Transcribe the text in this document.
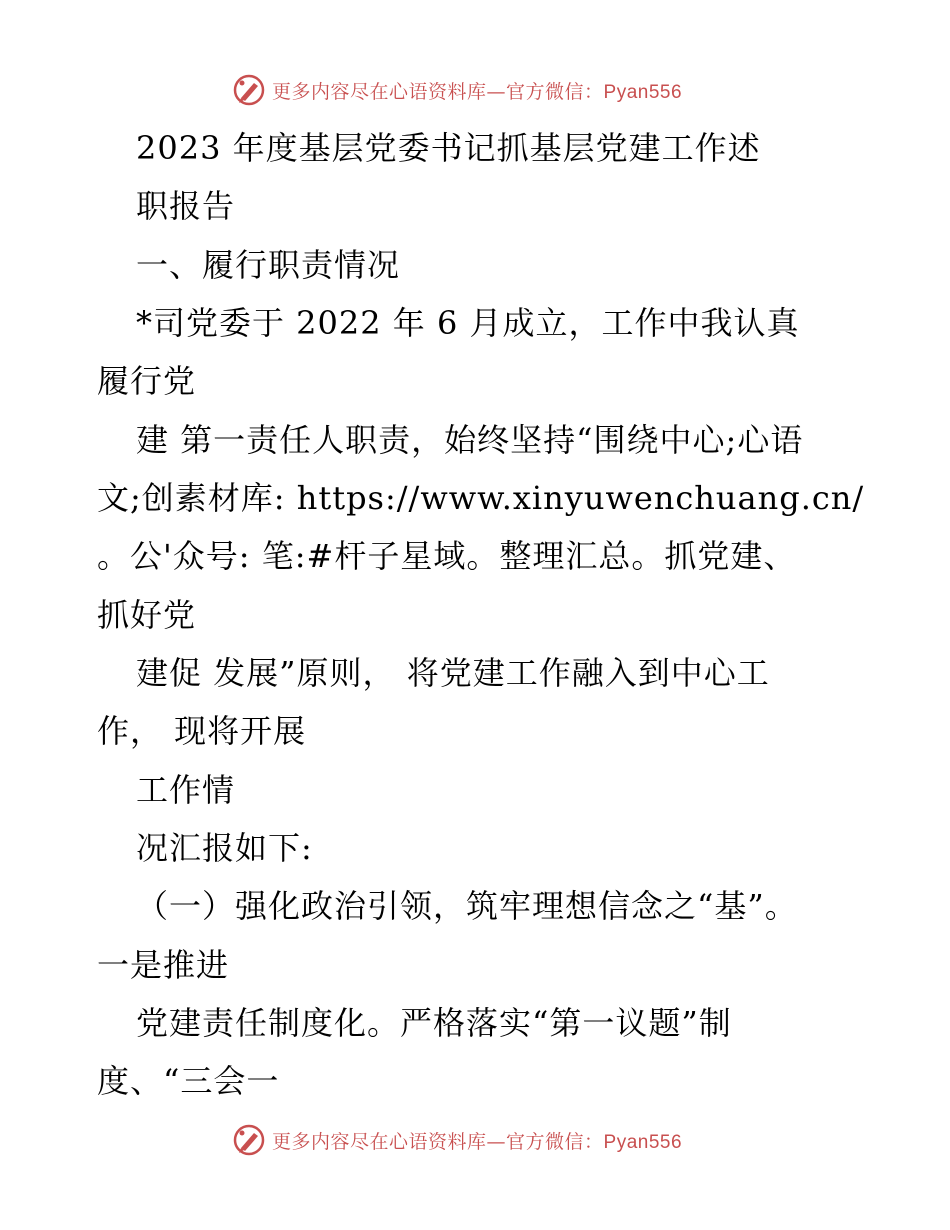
更多内容尽在心语资料库—官方微信：Pyan556
2023 年度基层党委书记抓基层党建工作述
职报告
一、履行职责情况
*司党委于 2022 年 6 月成立，工作中我认真
履行党
建 第一责任人职责，始终坚持“围绕中心;心语
文;创素材库: https://www.xinyuwenchuang.cn/
。公'众号: 笔:#杆子星域。整理汇总。抓党建、
抓好党
建促 发展”原则， 将党建工作融入到中心工
作， 现将开展
工作情
况汇报如下:
（一）强化政治引领，筑牢理想信念之“基”。
一是推进
党建责任制度化。严格落实“第一议题”制
度、“三会一
更多内容尽在心语资料库—官方微信：Pyan556
